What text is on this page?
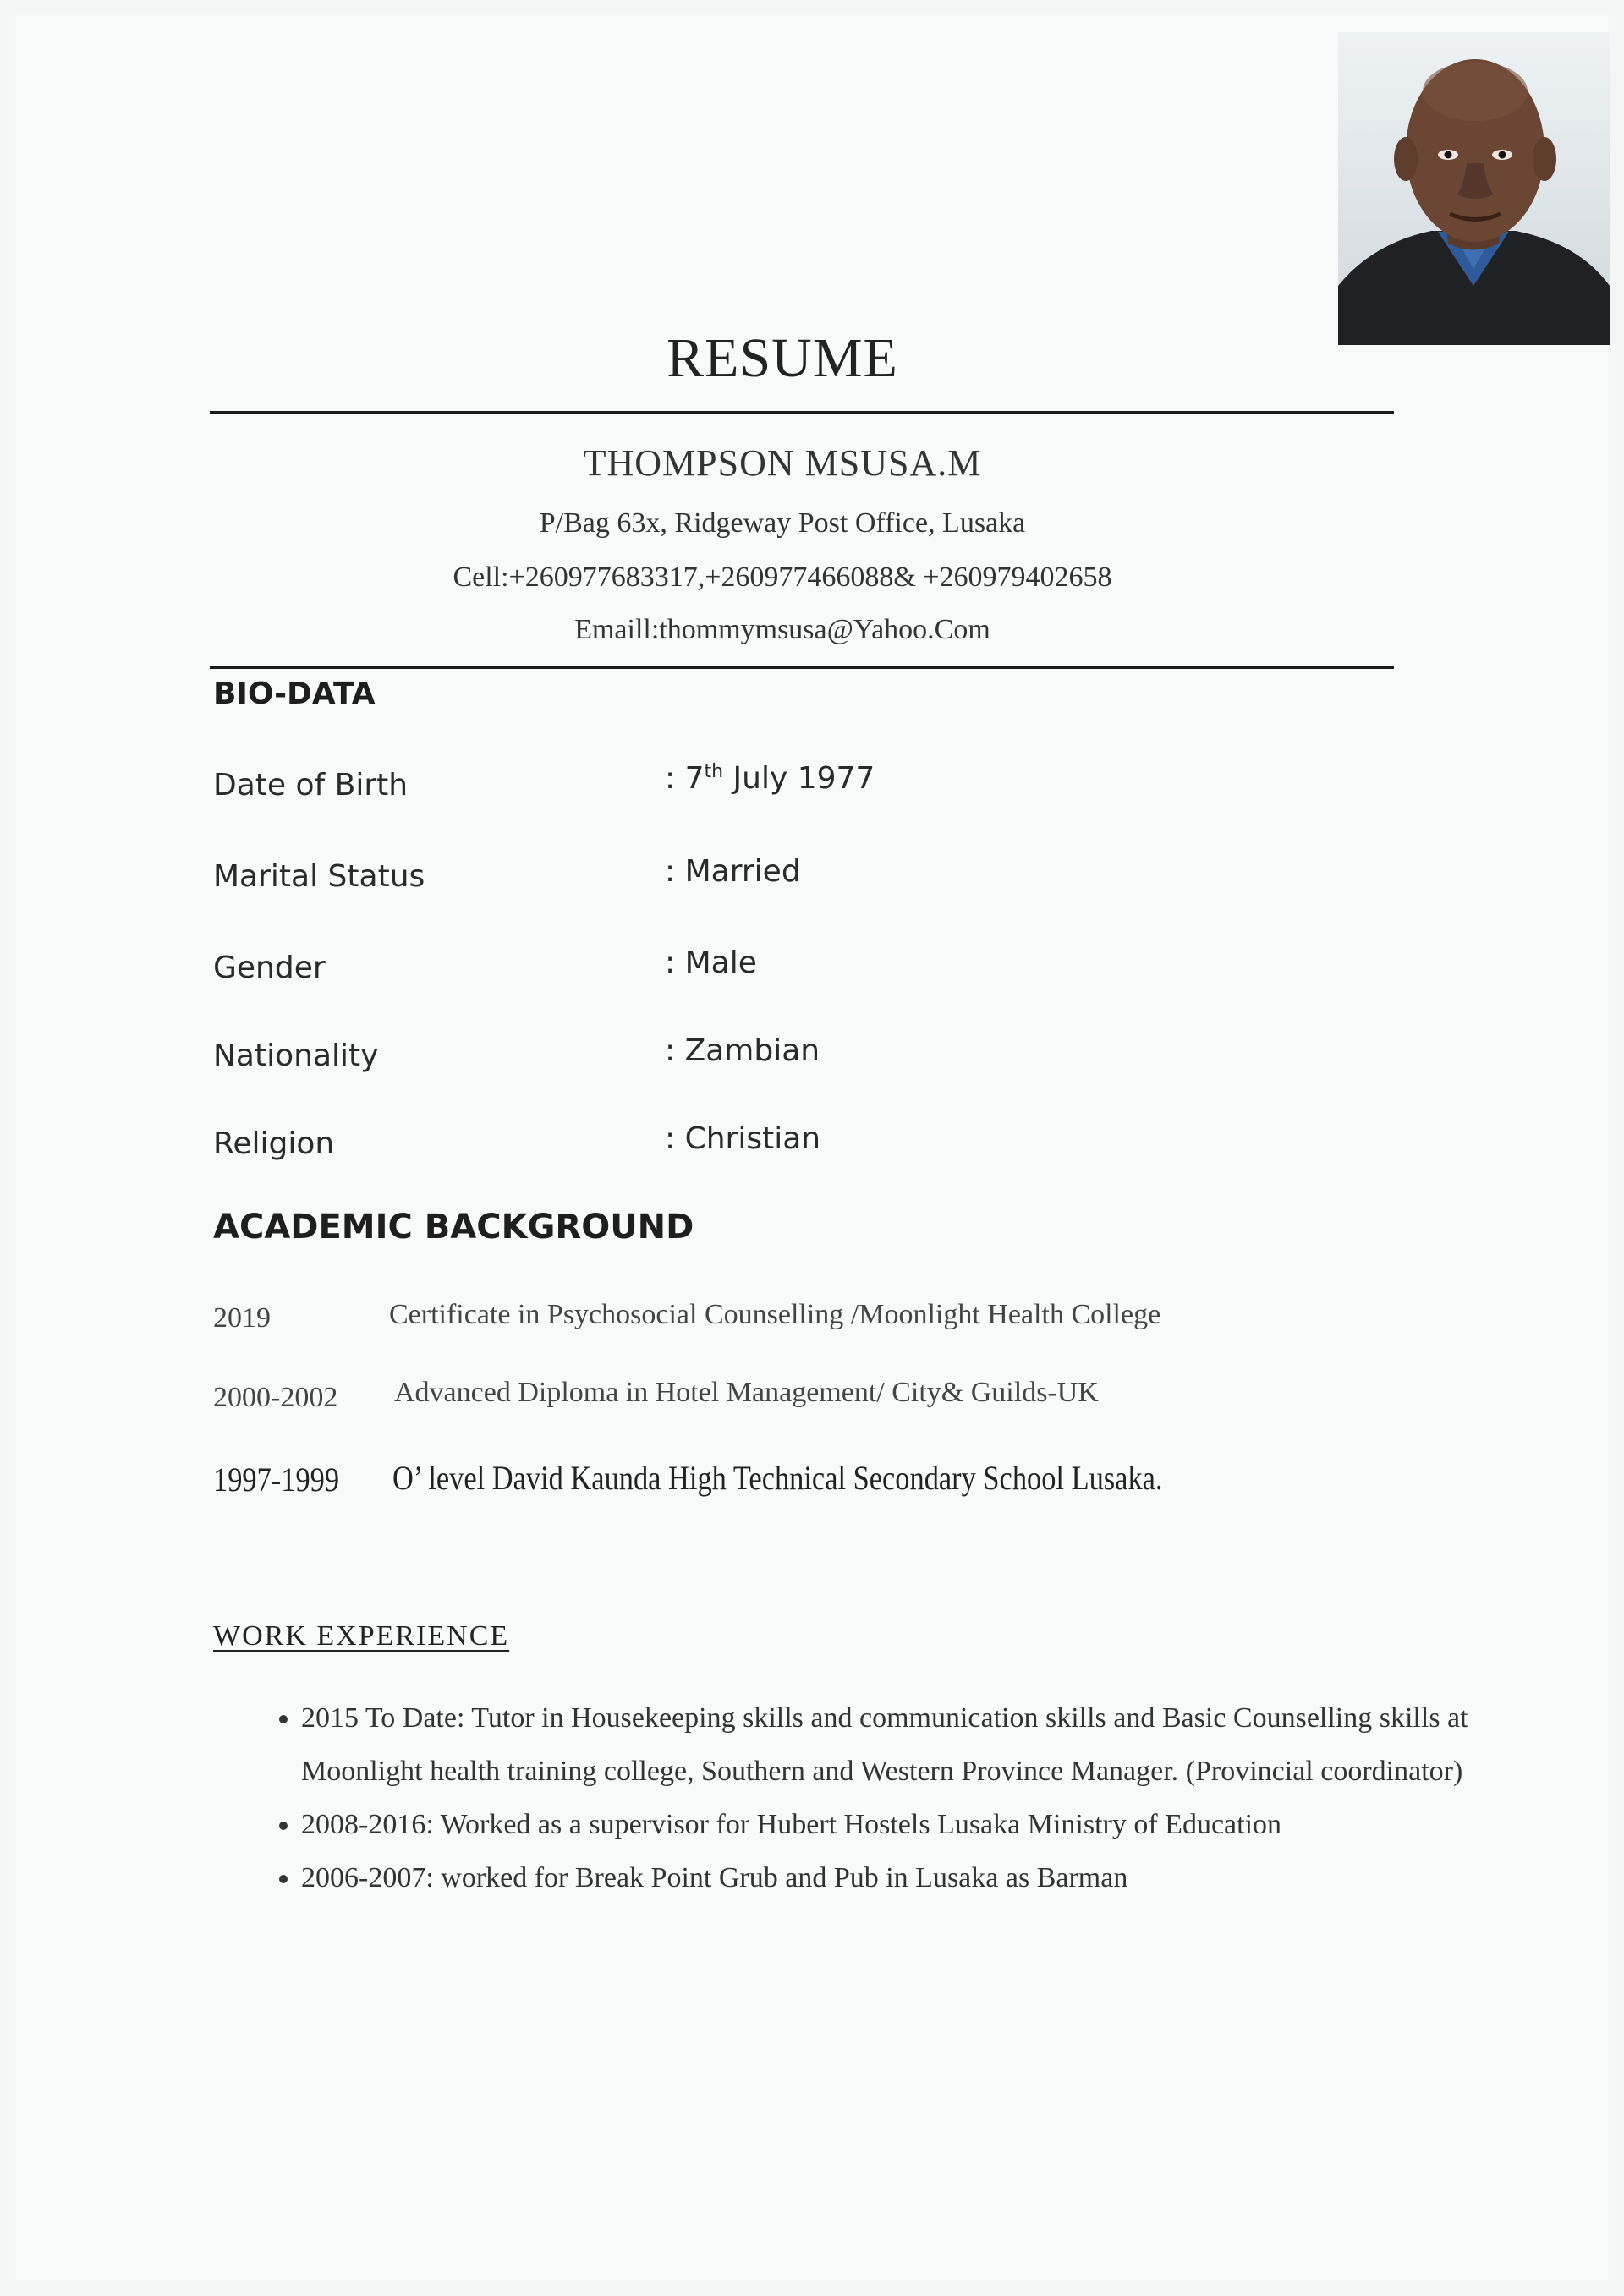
RESUME
THOMPSON MSUSA.M
P/Bag 63x, Ridgeway Post Office, Lusaka
Cell:+260977683317,+260977466088& +260979402658
Emaill:thommymsusa@Yahoo.Com
BIO-DATA
Date of Birth	: 7th July 1977
Marital Status	: Married
Gender	: Male
Nationality	: Zambian
Religion	: Christian
ACADEMIC BACKGROUND
2019	Certificate in Psychosocial Counselling /Moonlight Health College
2000-2002 Advanced Diploma in Hotel Management/ City& Guilds-UK
1997-1999 O’ level David Kaunda High Technical Secondary School Lusaka.
WORK EXPERIENCE
• 2015 To Date: Tutor in Housekeeping skills and communication skills and Basic Counselling skills at Moonlight health training college, Southern and Western Province Manager. (Provincial coordinator)
• 2008-2016: Worked as a supervisor for Hubert Hostels Lusaka Ministry of Education
• 2006-2007: worked for Break Point Grub and Pub in Lusaka as Barman
